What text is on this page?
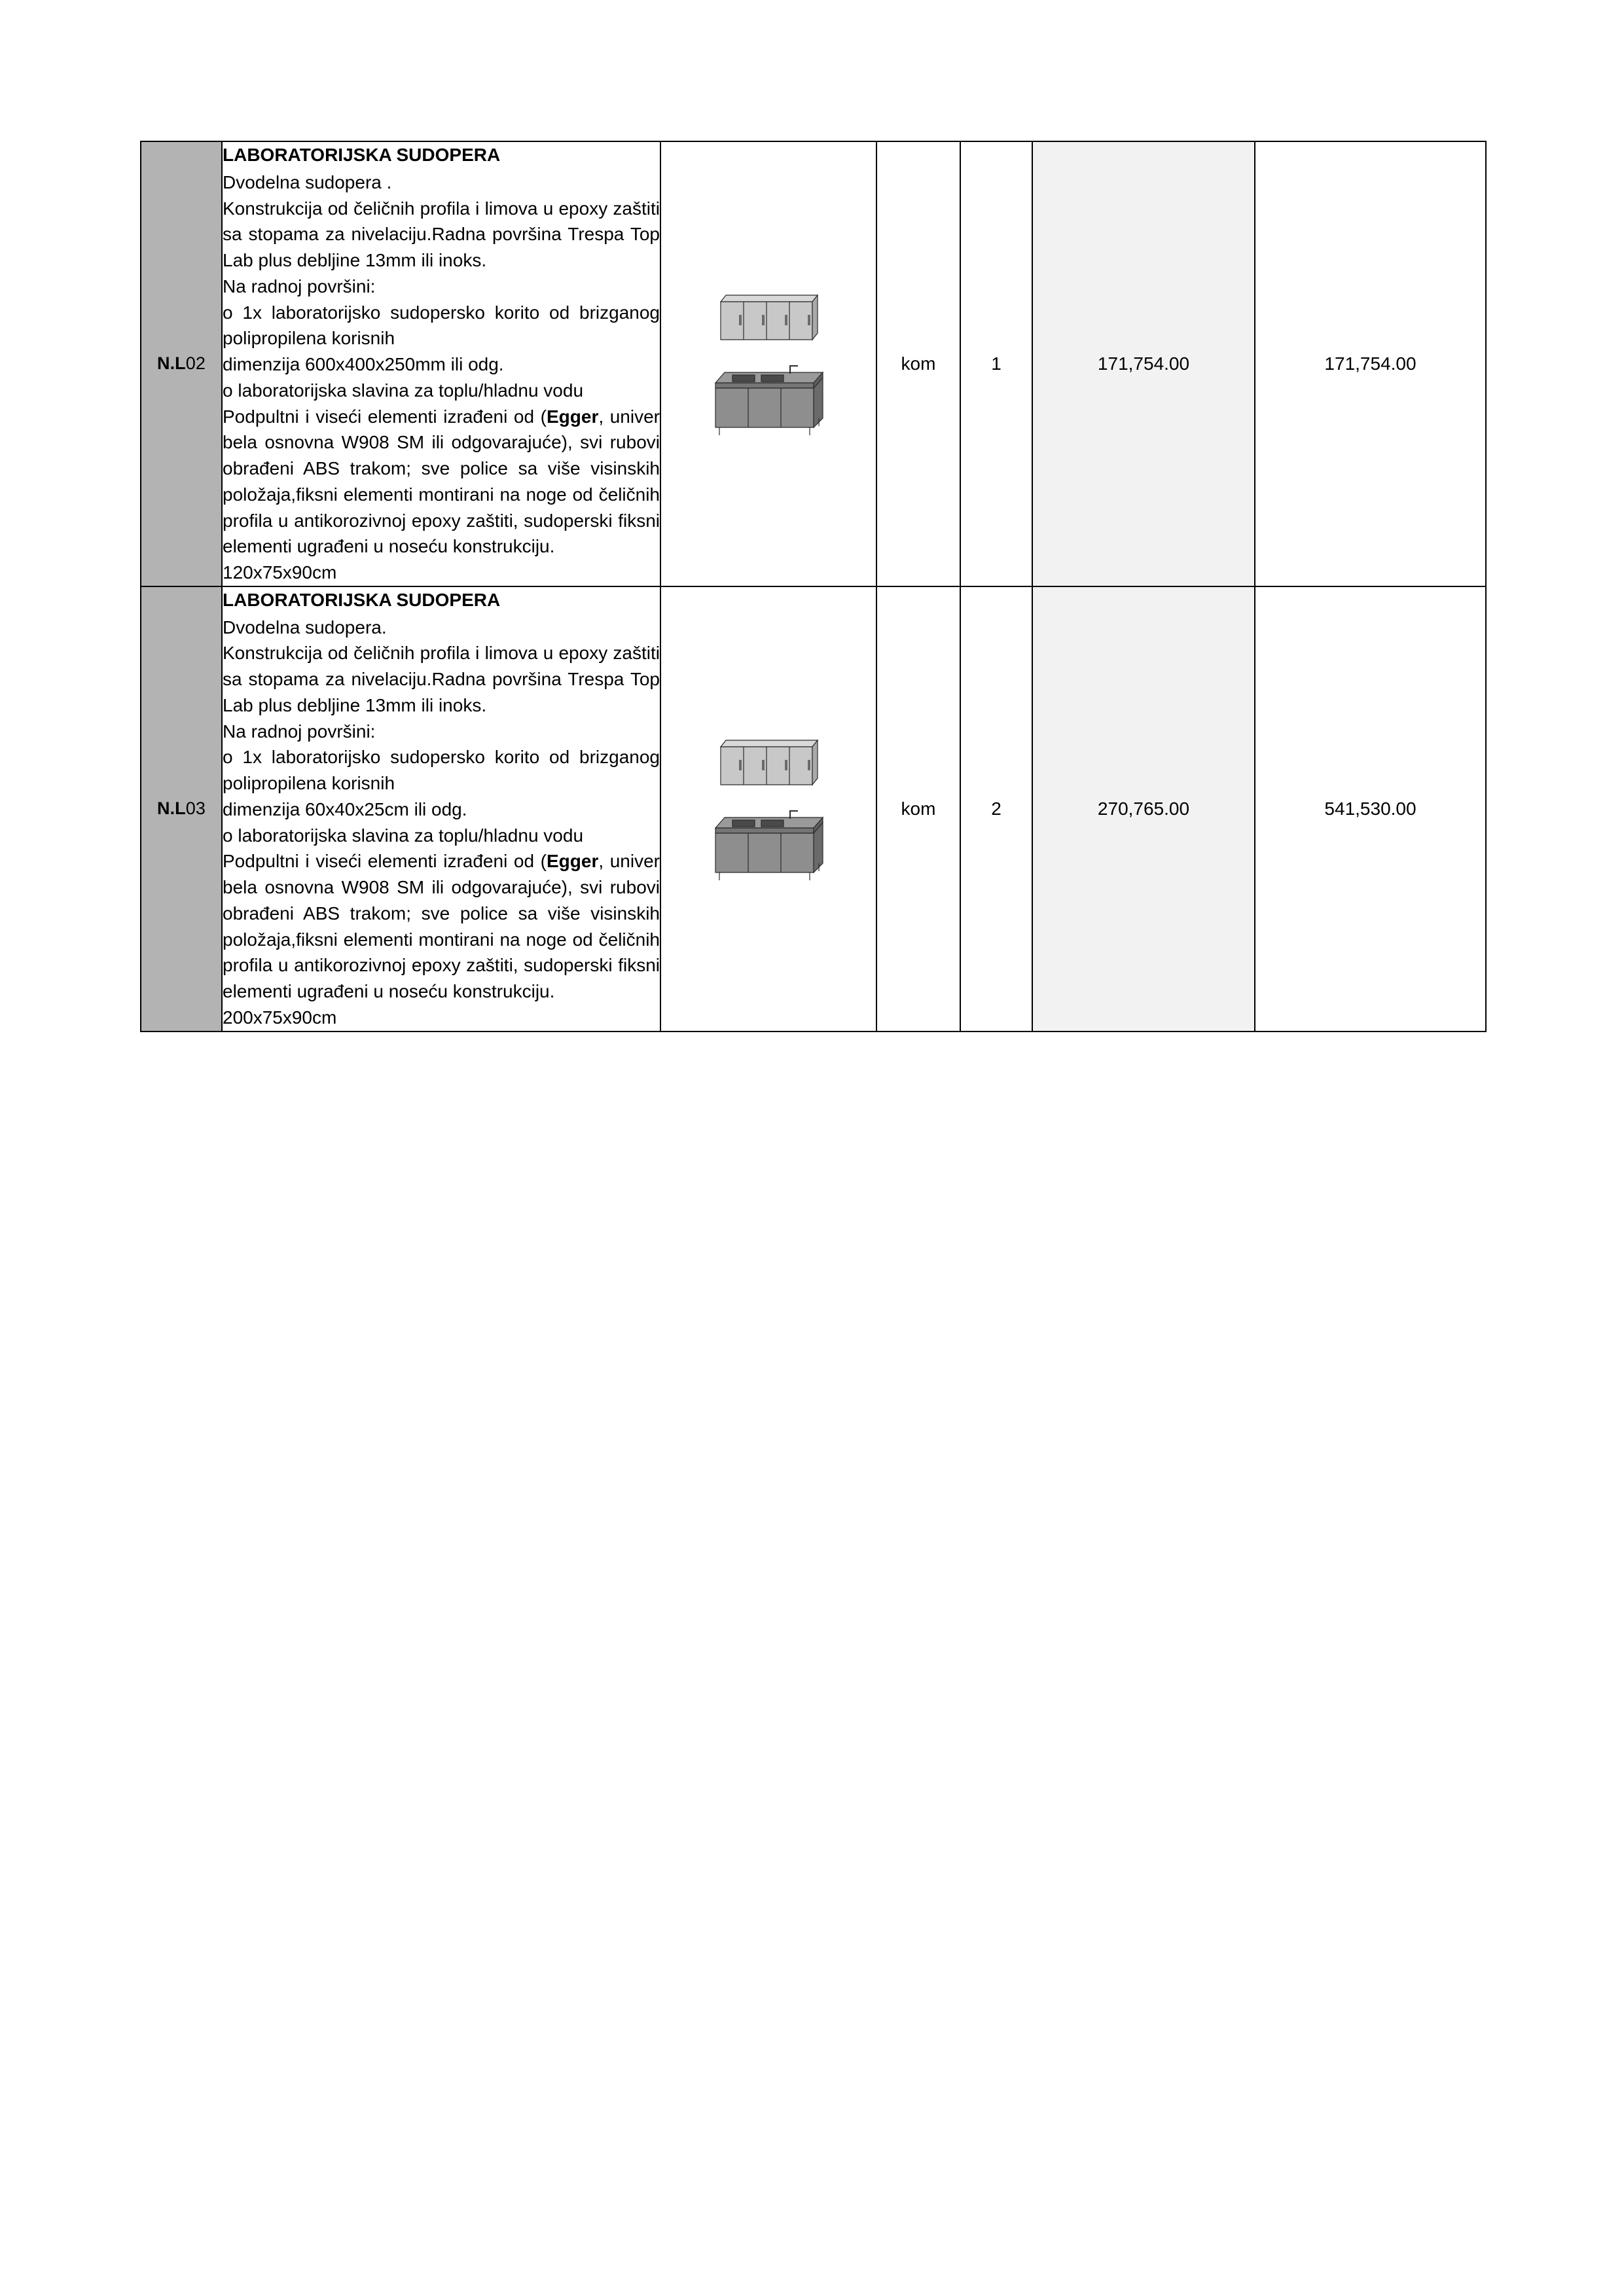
N.L02	
LABORATORIJSKA SUDOPERA

Dvodelna sudopera .

Konstrukcija od čeličnih profila i limova u epoxy zaštiti sa stopama za nivelaciju.Radna površina Trespa Top Lab plus debljine 13mm ili inoks.

Na radnoj površini:

o 1x laboratorijsko sudopersko korito od brizganog polipropilena korisnih

dimenzija 600x400x250mm ili odg.

o laboratorijska slavina za toplu/hladnu vodu

Podpultni i viseći elementi izrađeni od (Egger, univer bela osnovna W908 SM ili odgovarajuće), svi rubovi obrađeni ABS trakom; sve police sa više visinskih položaja,fiksni elementi montirani na noge od čeličnih profila u antikorozivnoj epoxy zaštiti, sudoperski fiksni elementi ugrađeni u noseću konstrukciju.

120x75x90cm

	kom	1	171,754.00	171,754.00
N.L03	
LABORATORIJSKA SUDOPERA

Dvodelna sudopera.

Konstrukcija od čeličnih profila i limova u epoxy zaštiti sa stopama za nivelaciju.Radna površina Trespa Top Lab plus debljine 13mm ili inoks.

Na radnoj površini:

o 1x laboratorijsko sudopersko korito od brizganog polipropilena korisnih

dimenzija 60x40x25cm ili odg.

o laboratorijska slavina za toplu/hladnu vodu

Podpultni i viseći elementi izrađeni od (Egger, univer bela osnovna W908 SM ili odgovarajuće), svi rubovi obrađeni ABS trakom; sve police sa više visinskih položaja,fiksni elementi montirani na noge od čeličnih profila u antikorozivnoj epoxy zaštiti, sudoperski fiksni elementi ugrađeni u noseću konstrukciju.

200x75x90cm

	kom	2	270,765.00	541,530.00
